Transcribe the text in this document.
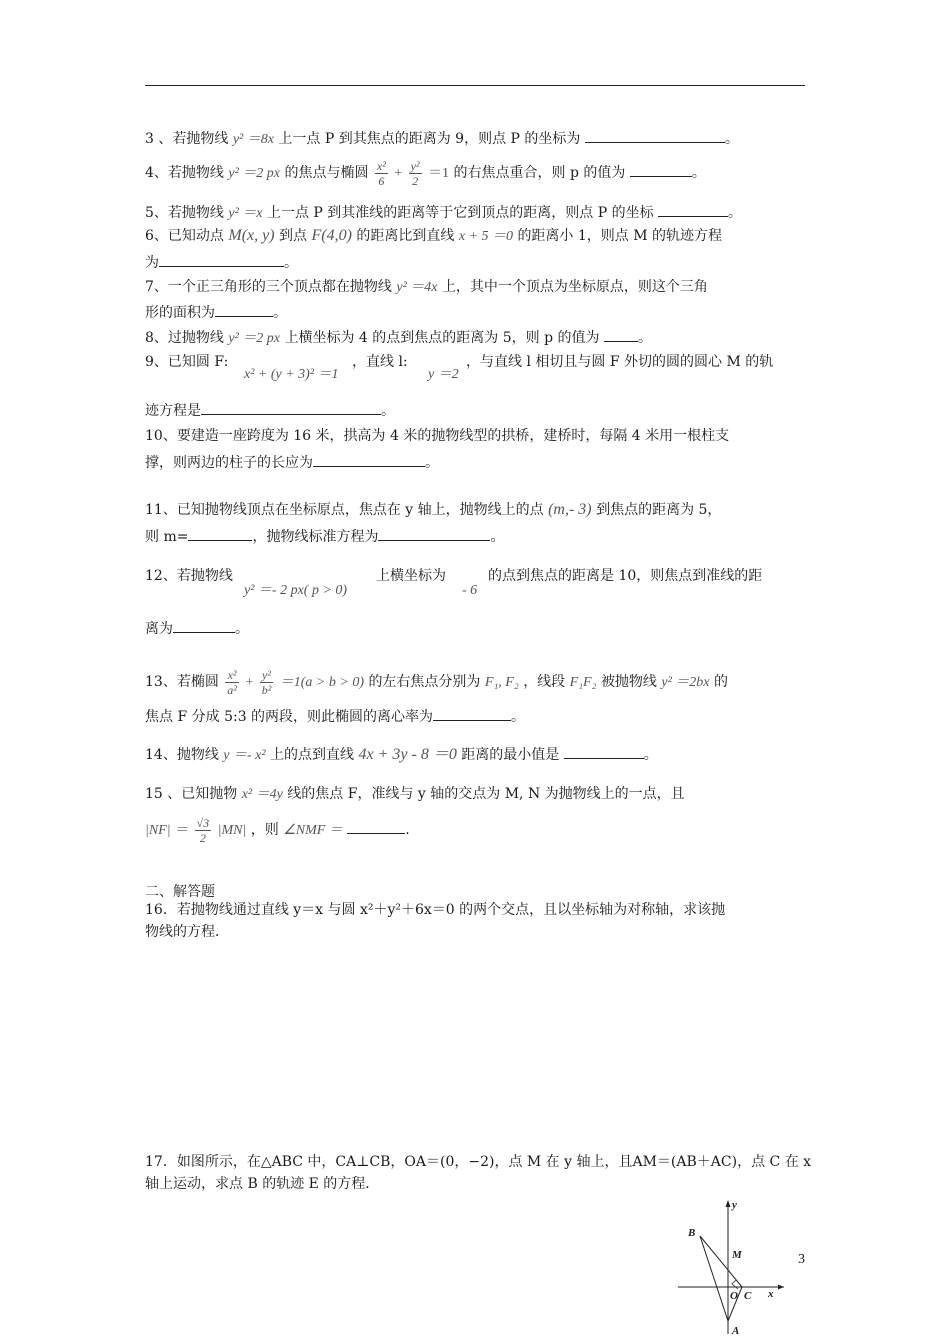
3 、若抛物线 y² ＝8x 上一点 P 到其焦点的距离为 9，则点 P 的坐标为	。
4、若抛物线 y² ＝2 px 的焦点与椭圆 $\frac{\text{x²}}{6} + \frac{\text{y²}}{2} =1$ 的右焦点重合，则 p 的值为	。
5、若抛物线 y² ＝x 上一点 P 到其准线的距离等于它到顶点的距离，则点 P 的坐标	。
6、已知动点 M(x, y) 到点 F(4,0) 的距离比到直线 x + 5 ＝0 的距离小 1，则点 M 的轨迹方程
为	。
7、一个正三角形的三个顶点都在抛物线 y² ＝4x 上，其中一个顶点为坐标原点，则这个三角
形的面积为	。
8、过抛物线 y² ＝2 px 上横坐标为 4 的点到焦点的距离为 5，则 p 的值为	。
9、已知圆 F:
x² + (y + 3)² ＝1
，直线 l:
y ＝2
，与直线 l 相切且与圆 F 外切的圆的圆心 M 的轨
迹方程是	。
10、要建造一座跨度为 16 米，拱高为 4 米的抛物线型的拱桥，建桥时，每隔 4 米用一根柱支
撑，则两边的柱子的长应为	。
11、已知抛物线顶点在坐标原点，焦点在 y 轴上，抛物线上的点 (m,- 3) 到焦点的距离为 5，
则 m=	，抛物线标准方程为	。
12、若抛物线
y² ＝- 2 px( p > 0)
上横坐标为
- 6
的点到焦点的距离是 10，则焦点到准线的距
离为	。
13、若椭圆 $\frac{\text{x²}}{\text{a²}} + \frac{\text{y²}}{\text{b²}} =1(a > b > 0)$ 的左右焦点分别为 F₁, F₂ ，线段 F₁F₂ 被抛物线 y² ＝2bx 的
焦点 F 分成 5:3 的两段，则此椭圆的离心率为	。
14、抛物线 y ＝- x² 上的点到直线 4x + 3y - 8 ＝0 距离的最小值是	。
15 、已知抛物 x² ＝4y 线的焦点 F，准线与 y 轴的交点为 M, N 为抛物线上的一点，且
$|NF| = \frac{√3}{2} |MN|$ ，则 ∠NMF ＝	.
二、解答题
16．若抛物线通过直线 y＝x 与圆 x²＋y²＋6x＝0 的两个交点，且以坐标轴为对称轴，求该抛
物线的方程．
17．如图所示，在△ABC 中，CA⊥CB，OA＝(0，−2)，点 M 在 y 轴上，且AM＝(AB＋AC)，点 C 在 x
轴上运动，求点 B 的轨迹 E 的方程．
B
y
M
O C x
A
3
